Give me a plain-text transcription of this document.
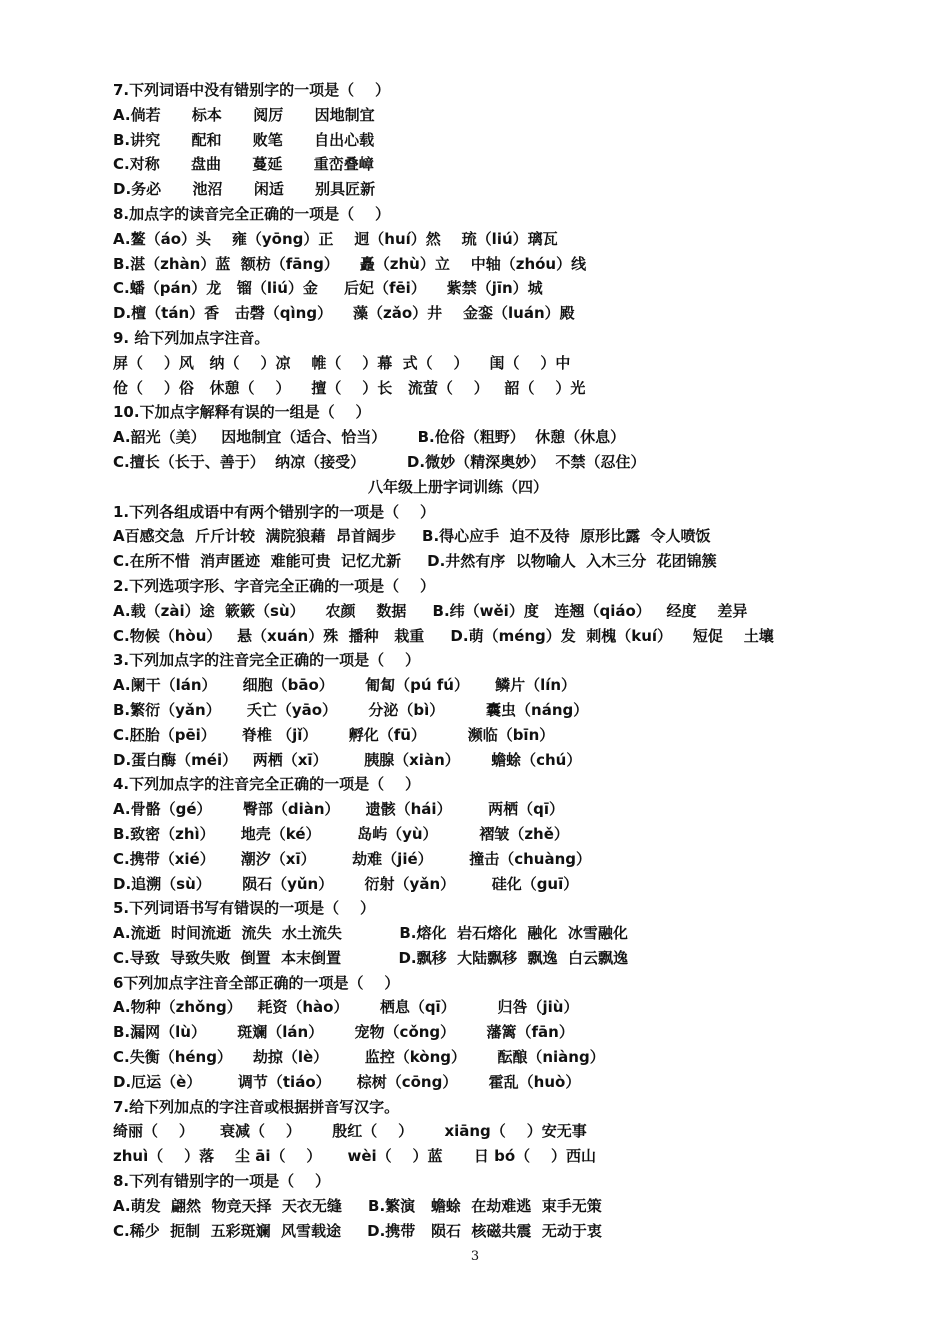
7.下列词语中没有错别字的一项是（    ）
A.倘若      标本      阅厉      因地制宜
B.讲究      配和      败笔      自出心载
C.对称      盘曲      蔓延      重峦叠嶂
D.务必      池沼      闲适      别具匠新
8.加点字的读音完全正确的一项是（    ）
A.鳌（áo）头    雍（yōng）正    迥（huí）然    琉（liú）璃瓦
B.湛（zhàn）蓝  额枋（fāng）    矗（zhù）立    中轴（zhóu）线
C.蟠（pán）龙   镏（liú）金     后妃（fēi）    紫禁（jīn）城
D.檀（tán）香   击磬（qìng）    藻（zǎo）井    金銮（luán）殿
9. 给下列加点字注音。
屏（    ）风   纳（    ）凉    帷（    ）幕  式（    ）    闺（    ）中
伧（    ）俗   休憩（    ）    擅（    ）长   流萤（    ）   韶（    ）光
10.下加点字解释有误的一组是（    ）
A.韶光（美）   因地制宜（适合、恰当）      B.伧俗（粗野）  休憩（休息）
C.擅长（长于、善于）  纳凉（接受）        D.微妙（精深奥妙）  不禁（忍住）
八年级上册字词训练（四）
1.下列各组成语中有两个错别字的一项是（    ）
A百感交急  斤斤计较  满院狼藉  昂首阔步     B.得心应手  迫不及待  原形比露  令人喷饭
C.在所不惜  消声匿迹  难能可贵  记忆尤新     D.井然有序  以物喻人  入木三分  花团锦簇
2.下列选项字形、字音完全正确的一项是（    ）
A.载（zài）途  簌簌（sù）    农颜    数据     B.纬（wěi）度   连翘（qiáo）   经度    差异
C.物候（hòu）   悬（xuán）殊  播种   栽重     D.萌（méng）发  刺槐（kuí）    短促    土壤
3.下列加点字的注音完全正确的一项是（    ）
A.阑干（lán）     细胞（bāo）      匍匐（pú fú）     鳞片（lín）
B.繁衍（yǎn）     夭亡（yāo）      分泌（bì）        囊虫（náng）
C.胚胎（pēi）     脊椎 （jǐ）      孵化（fū）        濒临（bīn）
D.蛋白酶（méi）   两栖（xī）       胰腺（xiàn）      蟾蜍（chú）
4.下列加点字的注音完全正确的一项是（    ）
A.骨骼（gé）      臀部（diàn）     遗骸（hái）       两栖（qī）
B.致密（zhì）     地壳（ké）       岛屿（yù）        褶皱（zhě）
C.携带（xié）     潮汐（xī）       劫难（jié）       撞击（chuàng）
D.追溯（sù）      陨石（yǔn）      衍射（yǎn）       硅化（guī）
5.下列词语书写有错误的一项是（    ）
A.流逝  时间流逝  流失  水土流失           B.熔化  岩石熔化  融化  冰雪融化
C.导致  导致失败  倒置  本末倒置           D.飘移  大陆飘移  飘逸  白云飘逸
6下列加点字注音全部正确的一项是（    ）
A.物种（zhǒng）   耗资（hào）      栖息（qī）        归咎（jiù）
B.漏网（lù）      斑斓（lán）      宠物（cǒng）      藩篱（fān）
C.失衡（héng）    劫掠（lè）       监控（kòng）      酝酿（niàng）
D.厄运（è）       调节（tiáo）     棕树（cōng）      霍乱（huò）
7.给下列加点的字注音或根据拼音写汉字。
绮丽（    ）     衰减（    ）      殷红（    ）      xiāng（    ）安无事
zhuì（    ）落    尘 āi（    ）     wèi（    ）蓝      日 bó（    ）西山
8.下列有错别字的一项是（    ）
A.萌发  翩然  物竞天择  天衣无缝     B.繁演   蟾蜍  在劫难逃  束手无策
C.稀少  扼制  五彩斑斓  风雪载途     D.携带   陨石  核磁共震  无动于衷
3
